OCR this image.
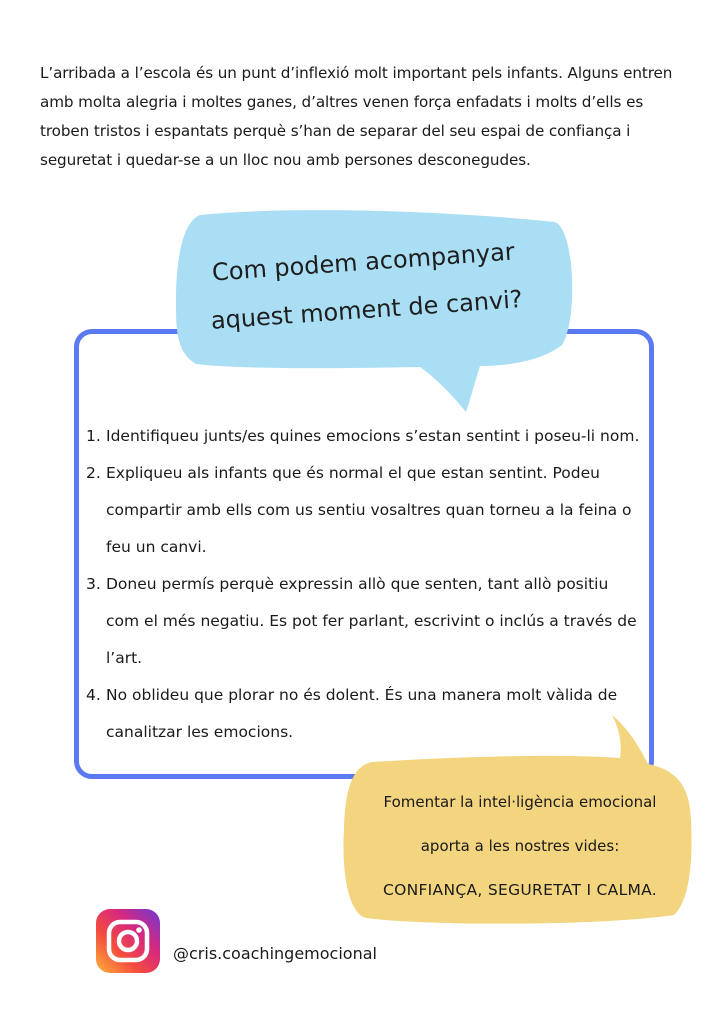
L’arribada a l’escola és un punt d’inflexió molt important pels infants. Alguns entren amb molta alegria i moltes ganes, d’altres venen força enfadats i molts d’ells es troben tristos i espantats perquè s’han de separar del seu espai de confiança i seguretat i quedar-se a un lloc nou amb persones desconegudes.

Com podem acompanyar
aquest moment de canvi?
1. Identifiqueu junts/es quines emocions s’estan sentint i poseu-li nom.
2. Expliqueu als infants que és normal el que estan sentint. Podeu compartir amb ells com us sentiu vosaltres quan torneu a la feina o feu un canvi.
3. Doneu permís perquè expressin allò que senten, tant allò positiu com el més negatiu. Es pot fer parlant, escrivint o inclús a través de l’art.
4. No oblideu que plorar no és dolent. És una manera molt vàlida de canalitzar les emocions.
Fomentar la intel·ligència emocional
aporta a les nostres vides:
CONFIANÇA, SEGURETAT I CALMA.
@cris.coachingemocional
